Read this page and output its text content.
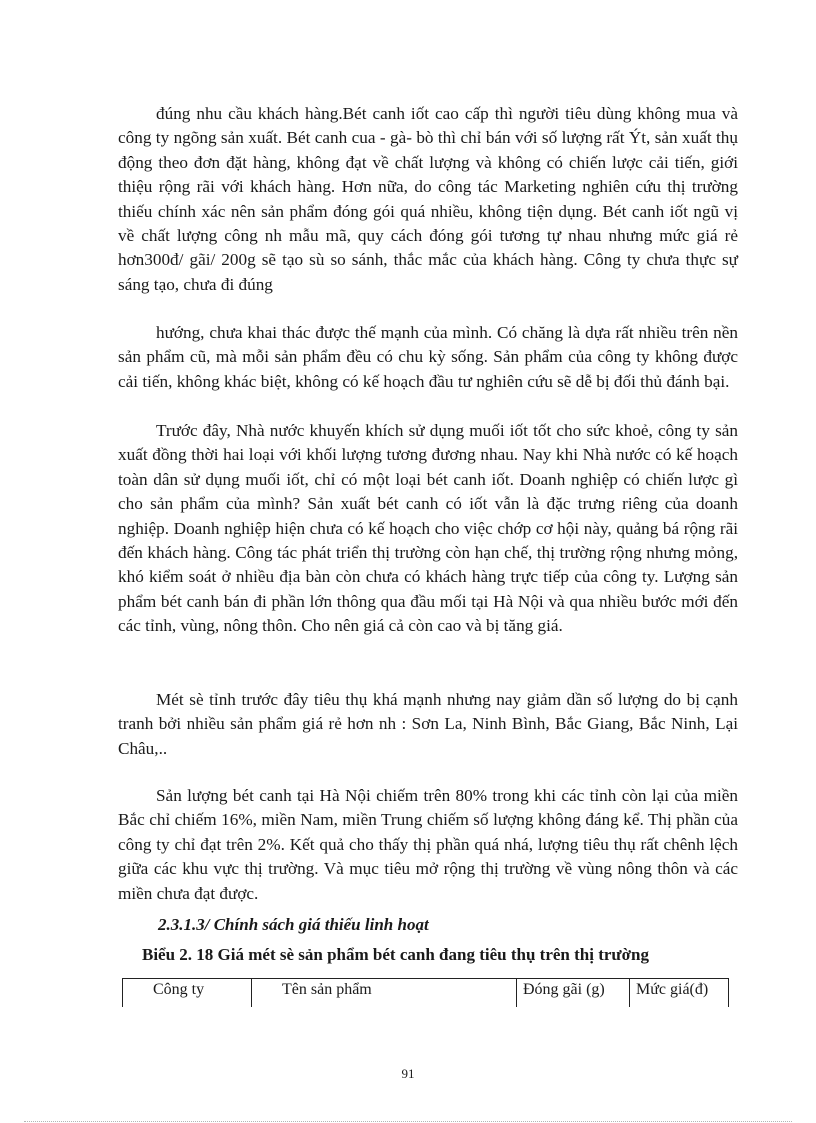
đúng nhu cầu khách hàng.Bét canh iốt cao cấp thì người tiêu dùng không mua và công ty ngõng sản xuất. Bét canh cua - gà- bò thì chỉ bán với số lượng rất Ýt, sản xuất thụ động theo đơn đặt hàng, không đạt về chất lượng và không có chiến lược cải tiến, giới thiệu rộng rãi với khách hàng. Hơn nữa, do công tác Marketing nghiên cứu thị trường thiếu chính xác nên sản phẩm đóng gói quá nhiều, không tiện dụng. Bét canh iốt ngũ vị về chất lượng công nh mẫu mã, quy cách đóng gói tương tự nhau nhưng mức giá rẻ hơn300đ/ gãi/ 200g sẽ tạo sù so sánh, thắc mắc của khách hàng. Công ty chưa thực sự sáng tạo, chưa đi đúng

hướng, chưa khai thác được thế mạnh của mình. Có chăng là dựa rất nhiều trên nền sản phẩm cũ, mà mỗi sản phẩm đều có chu kỳ sống. Sản phẩm của công ty không được cải tiến, không khác biệt, không có kế hoạch đầu tư nghiên cứu sẽ dễ bị đối thủ đánh bại.

Trước đây, Nhà nước khuyến khích sử dụng muối iốt tốt cho sức khoẻ, công ty sản xuất đồng thời hai loại với khối lượng tương đương nhau. Nay khi Nhà nước có kế hoạch toàn dân sử dụng muối iốt, chỉ có một loại bét canh iốt. Doanh nghiệp có chiến lược gì cho sản phẩm của mình? Sản xuất bét canh có iốt vẫn là đặc trưng riêng của doanh nghiệp. Doanh nghiệp hiện chưa có kế hoạch cho việc chớp cơ hội này, quảng bá rộng rãi đến khách hàng. Công tác phát triển thị trường còn hạn chế, thị trường rộng nhưng mỏng, khó kiểm soát ở nhiều địa bàn còn chưa có khách hàng trực tiếp của công ty. Lượng sản phẩm bét canh bán đi phần lớn thông qua đầu mối tại Hà Nội và qua nhiều bước mới đến các tỉnh, vùng, nông thôn. Cho nên giá cả còn cao và bị tăng giá.

Mét sè tỉnh trước đây tiêu thụ khá mạnh nhưng nay giảm dần số lượng do bị cạnh tranh bởi nhiều sản phẩm giá rẻ hơn nh : Sơn La, Ninh Bình, Bắc Giang, Bắc Ninh, Lại Châu,..

Sản lượng bét canh tại Hà Nội chiếm trên 80% trong khi các tỉnh còn lại của miền Bắc chỉ chiếm 16%, miền Nam, miền Trung chiếm số lượng không đáng kể. Thị phần của công ty chỉ đạt trên 2%. Kết quả cho thấy thị phần quá nhá, lượng tiêu thụ rất chênh lệch giữa các khu vực thị trường. Và mục tiêu mở rộng thị trường về vùng nông thôn và các miền chưa đạt được.

2.3.1.3/ Chính sách giá thiếu linh hoạt

Biểu 2. 18 Giá mét sè sản phẩm bét canh đang tiêu thụ trên thị trường

Công ty	Tên sản phẩm	Đóng gãi (g)	Mức giá(đ)

91
